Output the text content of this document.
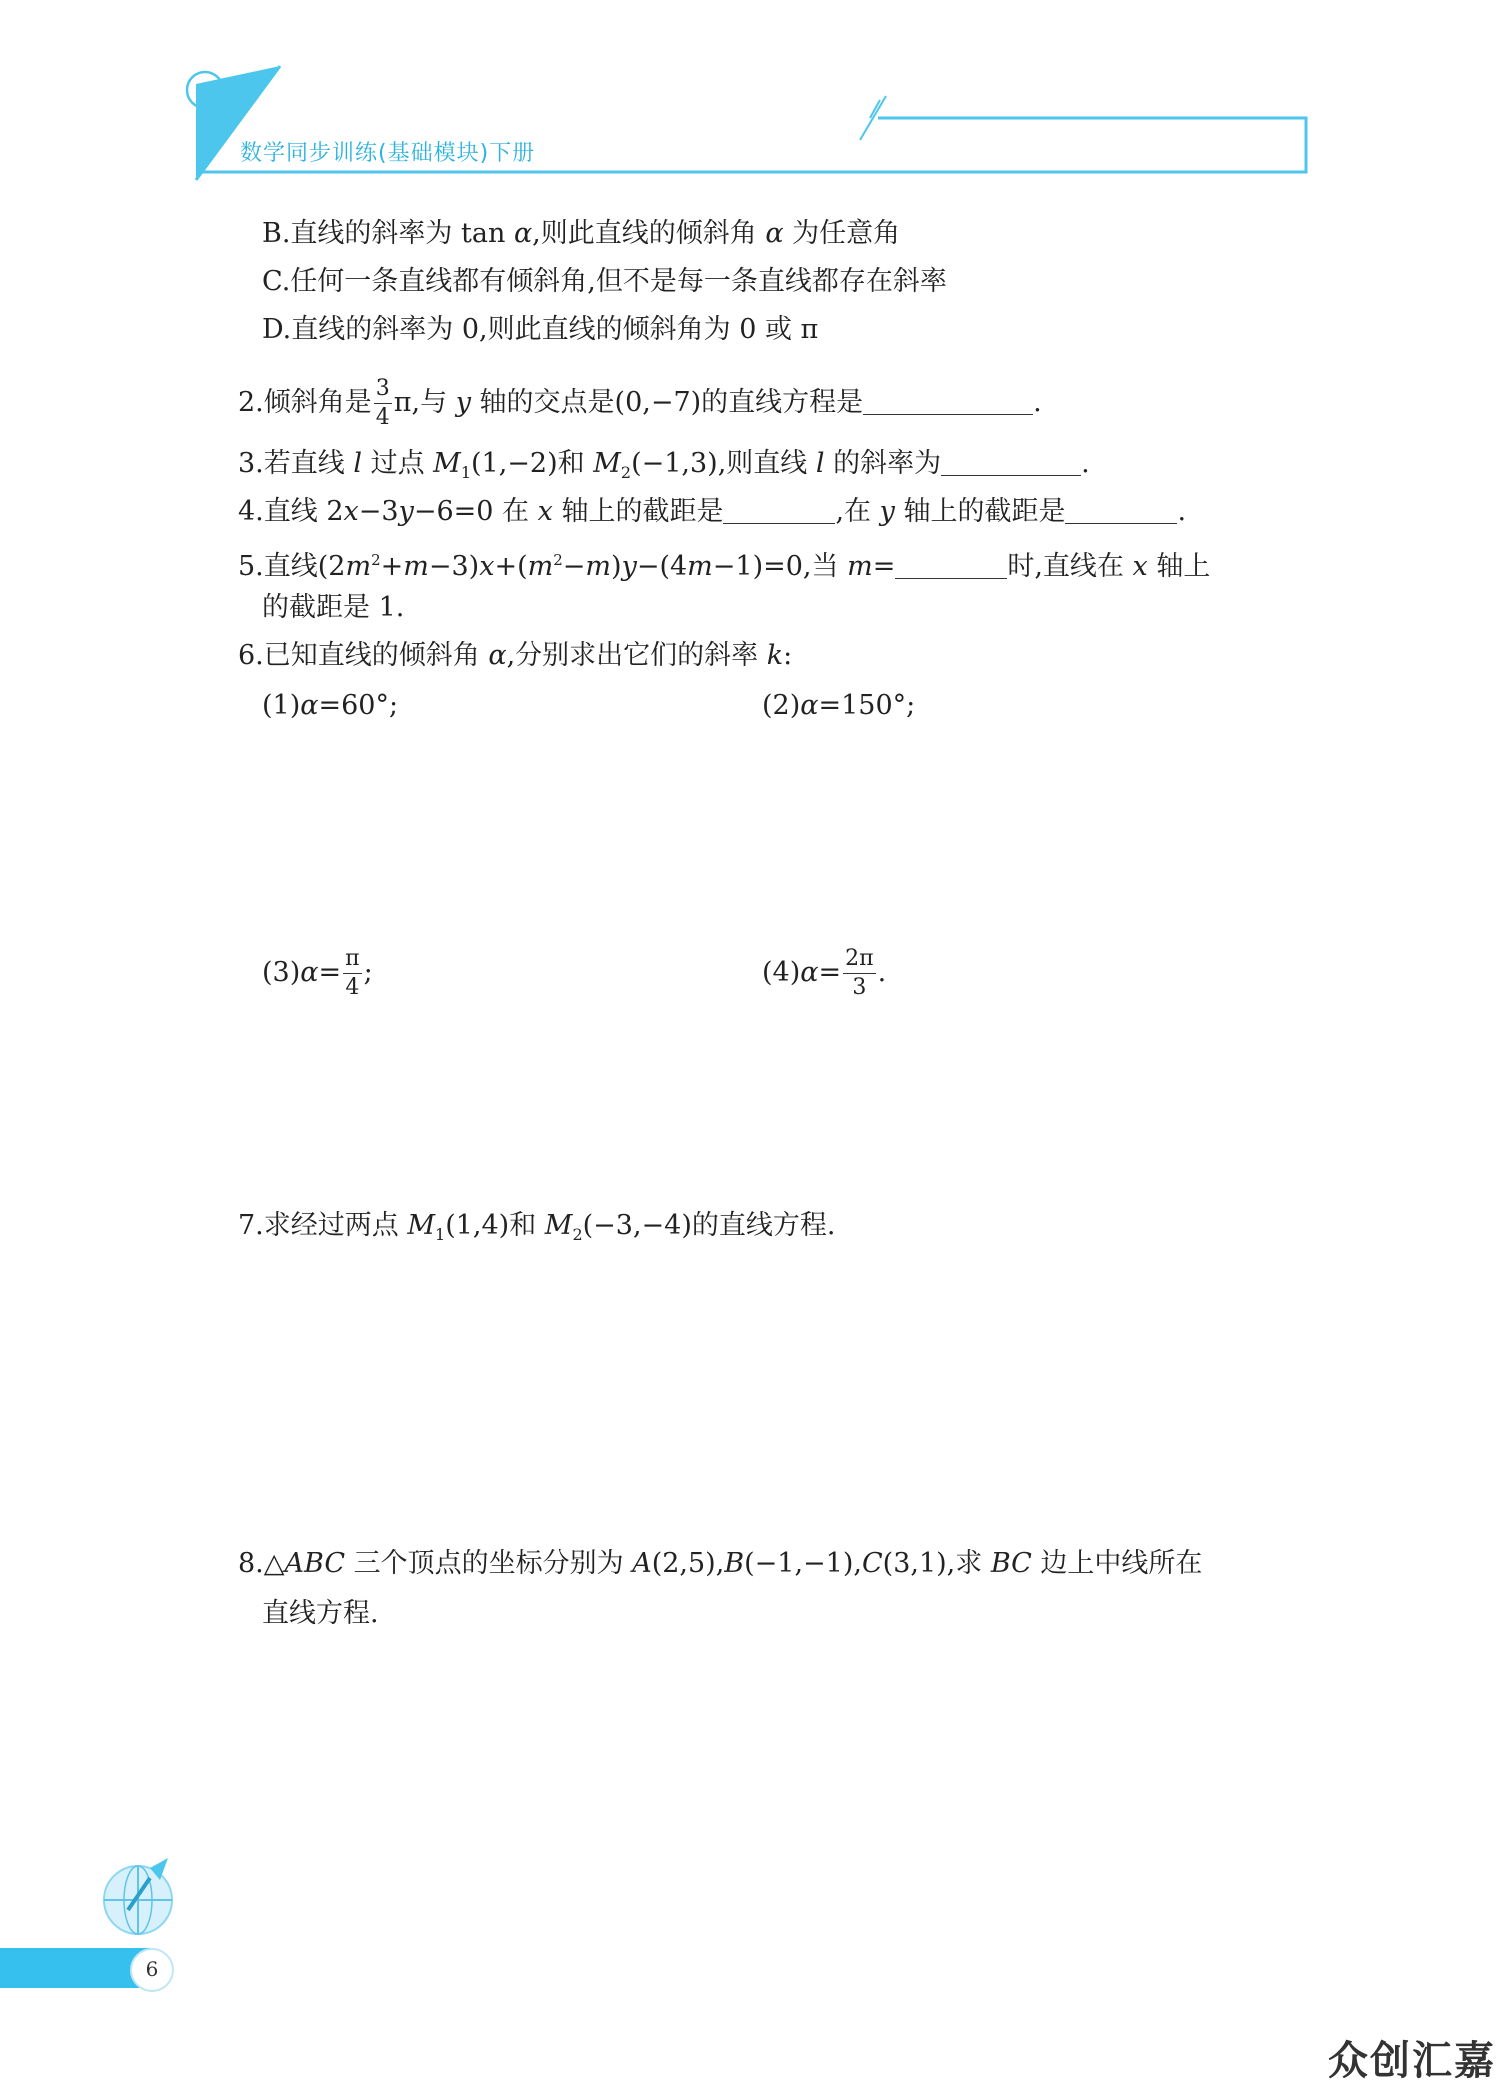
数学同步训练(基础模块)下册
B.直线的斜率为 tan α,则此直线的倾斜角 α 为任意角
C.任何一条直线都有倾斜角,但不是每一条直线都存在斜率
D.直线的斜率为 0,则此直线的倾斜角为 0 或 π
2.倾斜角是 $\frac{3}{4} \pi$,与 y 轴的交点是(0,−7)的直线方程是	.
3.若直线 l 过点 $M_1(1,-2)$和 $M_2(-1,3)$,则直线 l 的斜率为	.
4.直线 2x−3y−6=0 在 x 轴上的截距是	,在 y 轴上的截距是	.
5.直线$(2m^2+m-3)x+(m^2-m)y-(4m-1)=0$,当 m=	时,直线在 x 轴上
的截距是 1.
6.已知直线的倾斜角 α,分别求出它们的斜率 k:
(1)α=60°;	(2)α=150°;
$(3)\alpha= \frac{\pi}{4}$ ;	$(4)\alpha= \frac{2\pi}{3}$ .
7.求经过两点 $M_1(1,4)$和 $M_2(-3,-4)$的直线方程.
8.△ABC 三个顶点的坐标分别为 A(2,5),B(−1,−1),C(3,1),求 BC 边上中线所在
直线方程.
6
众创汇嘉
